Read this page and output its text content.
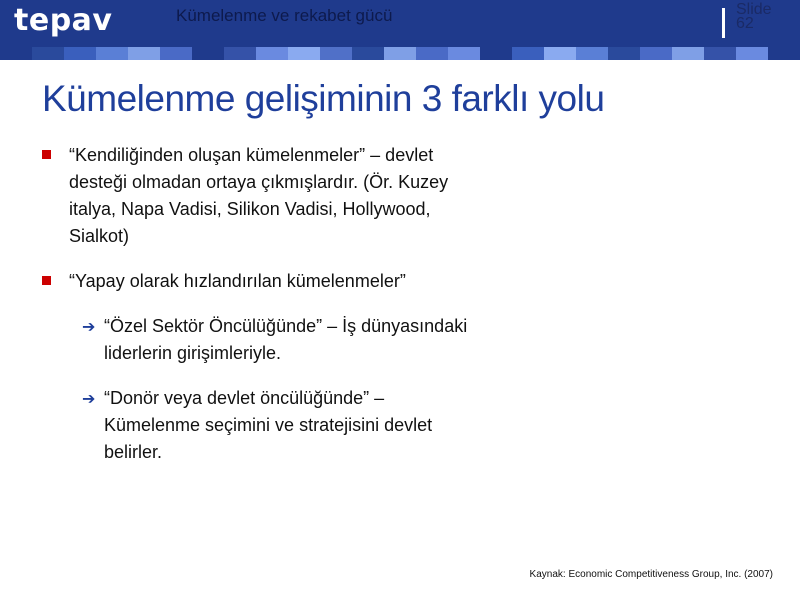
tepav	Kümelenme ve rekabet gücü	Slide
62
Kümelenme gelişiminin 3 farklı yolu
“Kendiliğinden oluşan kümelenmeler” – devlet desteği olmadan ortaya çıkmışlardır. (Ör. Kuzey italya, Napa Vadisi, Silikon Vadisi, Hollywood, Sialkot)
“Yapay olarak hızlandırılan kümelenmeler”
➔ “Özel Sektör Öncülüğünde” – İş dünyasındaki liderlerin girişimleriyle.
➔ “Donör veya devlet öncülüğünde” – Kümelenme seçimini ve stratejisini devlet belirler.
Kaynak: Economic Competitiveness Group, Inc. (2007)
